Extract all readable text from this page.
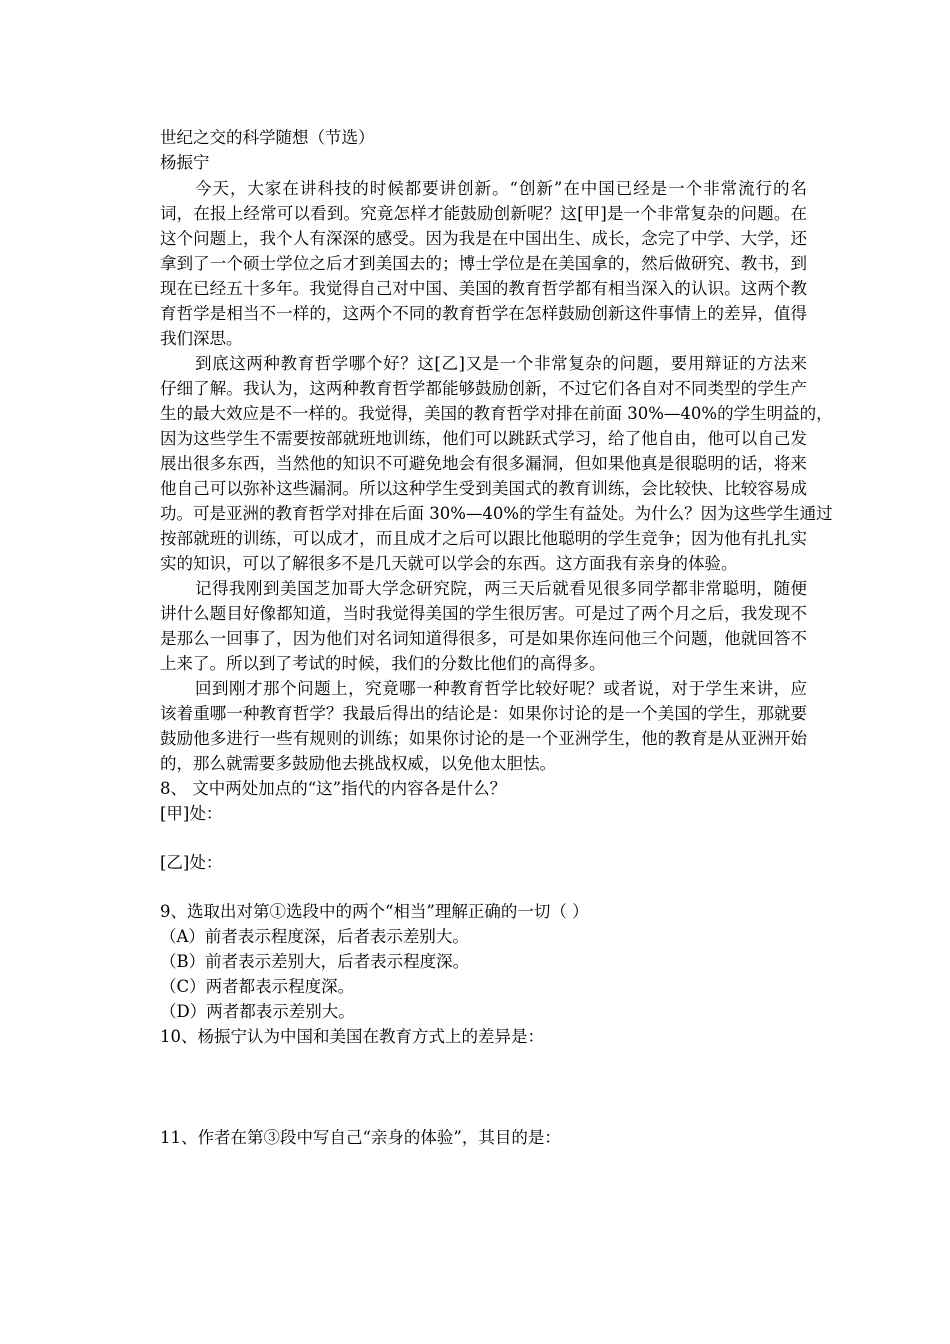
世纪之交的科学随想（节选）
杨振宁
今天，大家在讲科技的时候都要讲创新。“创新”在中国已经是一个非常流行的名
词，在报上经常可以看到。究竟怎样才能鼓励创新呢？这[甲]是一个非常复杂的问题。在
这个问题上，我个人有深深的感受。因为我是在中国出生、成长，念完了中学、大学，还
拿到了一个硕士学位之后才到美国去的；博士学位是在美国拿的，然后做研究、教书，到
现在已经五十多年。我觉得自己对中国、美国的教育哲学都有相当深入的认识。这两个教
育哲学是相当不一样的，这两个不同的教育哲学在怎样鼓励创新这件事情上的差异，值得
我们深思。
到底这两种教育哲学哪个好？这[乙]又是一个非常复杂的问题，要用辩证的方法来
仔细了解。我认为，这两种教育哲学都能够鼓励创新，不过它们各自对不同类型的学生产
生的最大效应是不一样的。我觉得，美国的教育哲学对排在前面 30%—40%的学生明益的，
因为这些学生不需要按部就班地训练，他们可以跳跃式学习，给了他自由，他可以自己发
展出很多东西，当然他的知识不可避免地会有很多漏洞，但如果他真是很聪明的话，将来
他自己可以弥补这些漏洞。所以这种学生受到美国式的教育训练，会比较快、比较容易成
功。可是亚洲的教育哲学对排在后面 30%—40%的学生有益处。为什么？因为这些学生通过
按部就班的训练，可以成才，而且成才之后可以跟比他聪明的学生竞争；因为他有扎扎实
实的知识，可以了解很多不是几天就可以学会的东西。这方面我有亲身的体验。
记得我刚到美国芝加哥大学念研究院，两三天后就看见很多同学都非常聪明，随便
讲什么题目好像都知道，当时我觉得美国的学生很厉害。可是过了两个月之后，我发现不
是那么一回事了，因为他们对名词知道得很多，可是如果你连问他三个问题，他就回答不
上来了。所以到了考试的时候，我们的分数比他们的高得多。
回到刚才那个问题上，究竟哪一种教育哲学比较好呢？或者说，对于学生来讲，应
该着重哪一种教育哲学？我最后得出的结论是：如果你讨论的是一个美国的学生，那就要
鼓励他多进行一些有规则的训练；如果你讨论的是一个亚洲学生，他的教育是从亚洲开始
的，那么就需要多鼓励他去挑战权威，以免他太胆怯。
8、 文中两处加点的“这”指代的内容各是什么？
[甲]处：
[乙]处：
9、选取出对第①选段中的两个“相当”理解正确的一切（ ）
（A）前者表示程度深，后者表示差别大。
（B）前者表示差别大，后者表示程度深。
（C）两者都表示程度深。
（D）两者都表示差别大。
10、杨振宁认为中国和美国在教育方式上的差异是：
11、作者在第③段中写自己“亲身的体验”，其目的是：
